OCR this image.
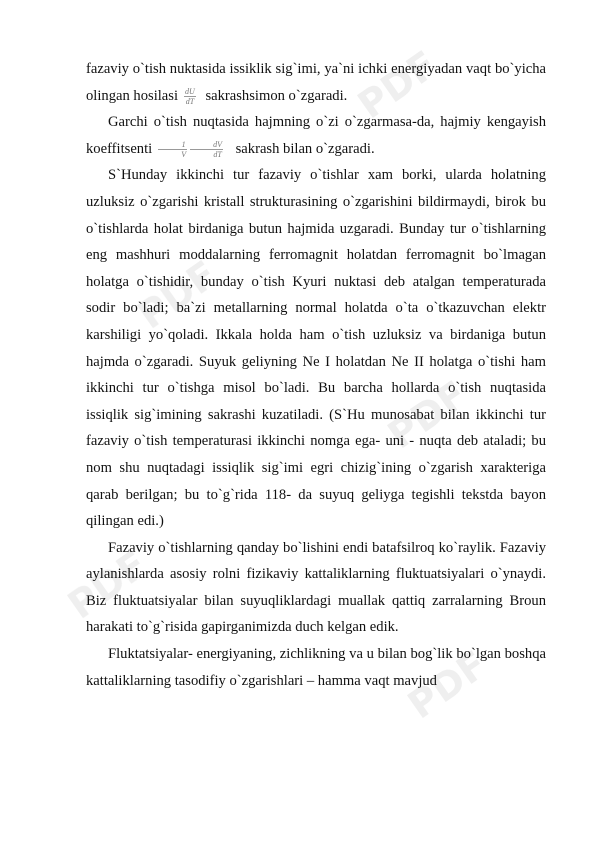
PDF
PDF
PDF
PDF
PDF

fazaviy o`tish nuktasida issiklik sig`imi, ya`ni ichki energiyadan vaqt bo`yicha olingan hosilasi $\frac{dU}{dT}$ sakrashsimon o`zgaradi.

Garchi o`tish nuqtasida hajmning o`zi o`zgarmasa-da, hajmiy kengayish koeffitsenti $\frac{1}{V} \frac{dV}{dT}$ sakrash bilan o`zgaradi.

S`Hunday ikkinchi tur fazaviy o`tishlar xam borki, ularda holatning uzluksiz o`zgarishi kristall strukturasining o`zgarishini bildirmaydi, birok bu o`tishlarda holat birdaniga butun hajmida uzgaradi. Bunday tur o`tishlarning eng mashhuri moddalarning ferromagnit holatdan ferromagnit bo`lmagan holatga o`tishidir, bunday o`tish Kyuri nuktasi deb atalgan temperaturada sodir bo`ladi; ba`zi metallarning normal holatda o`ta o`tkazuvchan elektr karshiligi yo`qoladi. Ikkala holda ham o`tish uzluksiz va birdaniga butun hajmda o`zgaradi. Suyuk geliyning Ne I holatdan Ne II holatga o`tishi ham ikkinchi tur o`tishga misol bo`ladi. Bu barcha hollarda o`tish nuqtasida issiqlik sig`imining sakrashi kuzatiladi. (S`Hu munosabat bilan ikkinchi tur fazaviy o`tish temperaturasi ikkinchi nomga ega- uni - nuqta deb ataladi; bu nom shu nuqtadagi issiqlik sig`imi egri chizig`ining o`zgarish xarakteriga qarab berilgan; bu to`g`rida 118- da suyuq geliyga tegishli tekstda bayon qilingan edi.)

Fazaviy o`tishlarning qanday bo`lishini endi batafsilroq ko`raylik. Fazaviy aylanishlarda asosiy rolni fizikaviy kattaliklarning fluktuatsiyalari o`ynaydi. Biz fluktuatsiyalar bilan suyuqliklardagi muallak qattiq zarralarning Broun harakati to`g`risida gapirganimizda duch kelgan edik.

Fluktatsiyalar- energiyaning, zichlikning va u bilan bog`lik bo`lgan boshqa kattaliklarning tasodifiy o`zgarishlari – hamma vaqt mavjud
